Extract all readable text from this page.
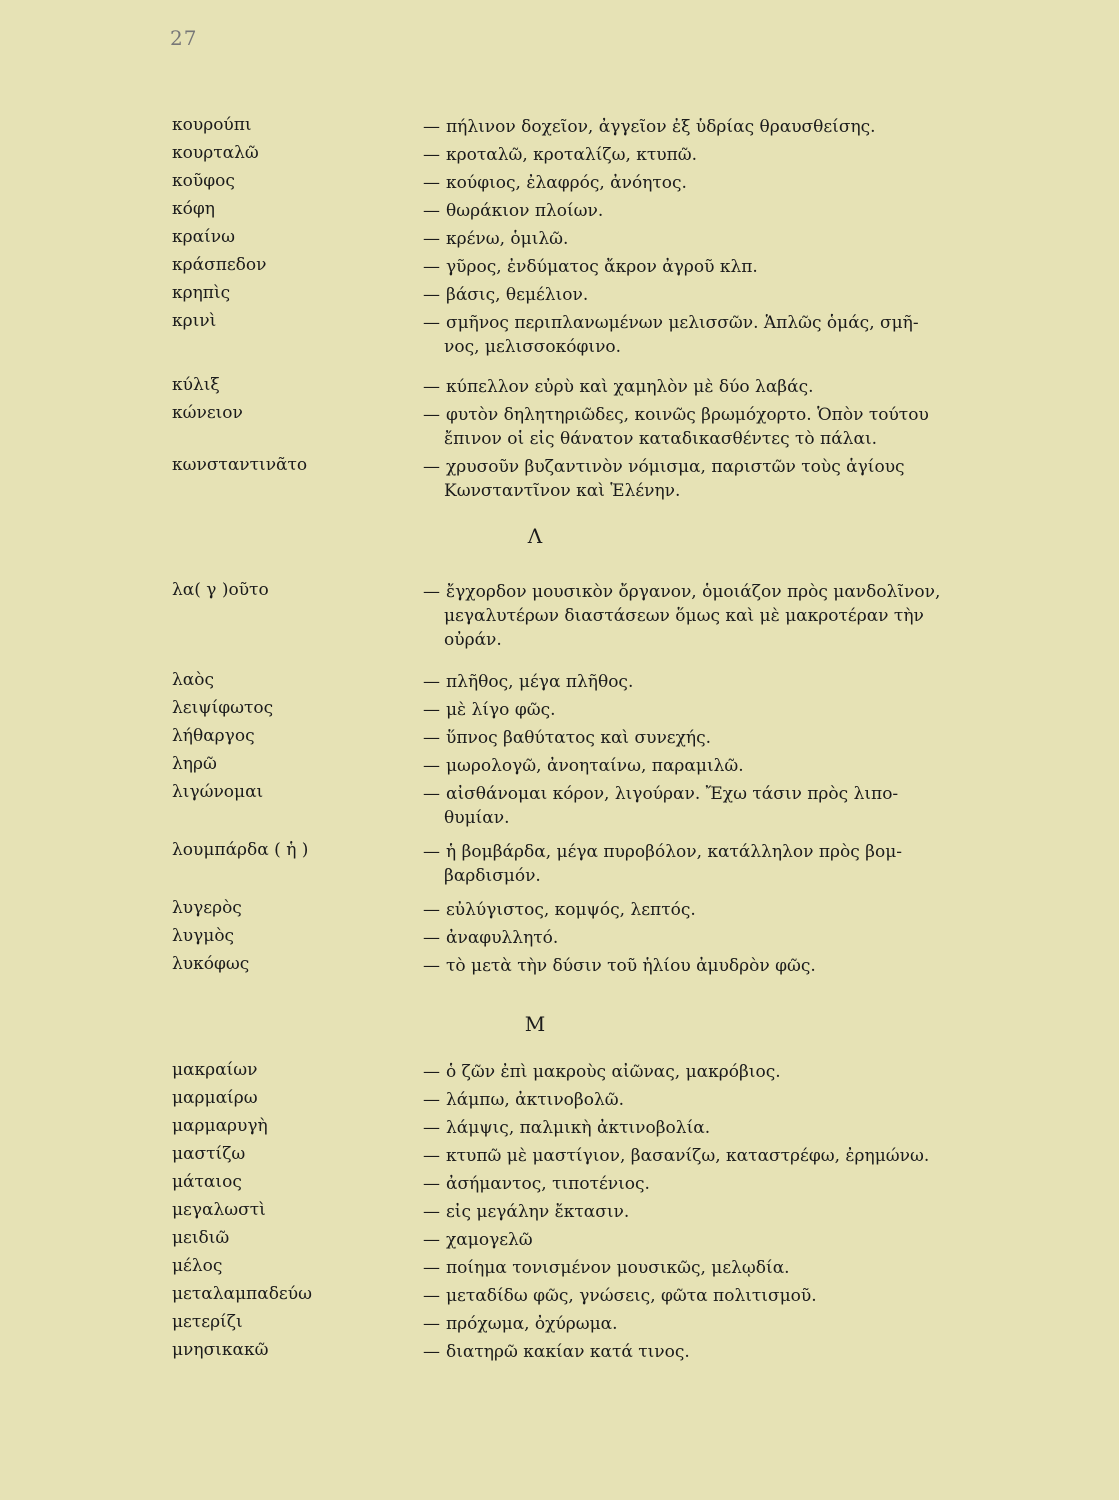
27
κουρούπι	— πήλινον δοχεῖον, ἀγγεῖον ἐξ ὑδρίας θραυσθείσης.
κουρταλῶ	— κροταλῶ, κροταλίζω, κτυπῶ.
κοῦφος	— κούφιος, ἐλαφρός, ἀνόητος.
κόφη	— θωράκιον πλοίων.
κραίνω	— κρένω, ὁμιλῶ.
κράσπεδον	— γῦρος, ἐνδύματος ἄκρον ἀγροῦ κλπ.
κρηπὶς	— βάσις, θεμέλιον.
κρινὶ	— σμῆνος περιπλανωμένων μελισσῶν. Ἁπλῶς ὁμάς, σμῆ-
νος, μελισσοκόφινο.
κύλιξ	— κύπελλον εὐρὺ καὶ χαμηλὸν μὲ δύο λαβάς.
κώνειον	— φυτὸν δηλητηριῶδες, κοινῶς βρωμόχορτο. Ὁπὸν τούτου
ἔπινον οἱ εἰς θάνατον καταδικασθέντες τὸ πάλαι.
κωνσταντινᾶτο	— χρυσοῦν βυζαντινὸν νόμισμα, παριστῶν τοὺς ἁγίους
Κωνσταντῖνον καὶ Ἑλένην.
Λ
λα( γ )οῦτο	— ἔγχορδον μουσικὸν ὄργανον, ὁμοιάζον πρὸς μανδολῖνον,
μεγαλυτέρων διαστάσεων ὅμως καὶ μὲ μακροτέραν τὴν
οὐράν.
λαὸς	— πλῆθος, μέγα πλῆθος.
λειψίφωτος	— μὲ λίγο φῶς.
λήθαργος	— ὕπνος βαθύτατος καὶ συνεχής.
ληρῶ	— μωρολογῶ, ἀνοηταίνω, παραμιλῶ.
λιγώνομαι	— αἰσθάνομαι κόρον, λιγούραν. Ἔχω τάσιν πρὸς λιπο-
θυμίαν.
λουμπάρδα ( ἡ )	— ἡ βομβάρδα, μέγα πυροβόλον, κατάλληλον πρὸς βομ-
βαρδισμόν.
λυγερὸς	— εὐλύγιστος, κομψός, λεπτός.
λυγμὸς	— ἀναφυλλητό.
λυκόφως	— τὸ μετὰ τὴν δύσιν τοῦ ἡλίου ἀμυδρὸν φῶς.
Μ
μακραίων	— ὁ ζῶν ἐπὶ μακροὺς αἰῶνας, μακρόβιος.
μαρμαίρω	— λάμπω, ἀκτινοβολῶ.
μαρμαρυγὴ	— λάμψις, παλμικὴ ἀκτινοβολία.
μαστίζω	— κτυπῶ μὲ μαστίγιον, βασανίζω, καταστρέφω, ἐρημώνω.
μάταιος	— ἀσήμαντος, τιποτένιος.
μεγαλωστὶ	— εἰς μεγάλην ἔκτασιν.
μειδιῶ	— χαμογελῶ
μέλος	— ποίημα τονισμένον μουσικῶς, μελῳδία.
μεταλαμπαδεύω	— μεταδίδω φῶς, γνώσεις, φῶτα πολιτισμοῦ.
μετερίζι	— πρόχωμα, ὀχύρωμα.
μνησικακῶ	— διατηρῶ κακίαν κατά τινος.
